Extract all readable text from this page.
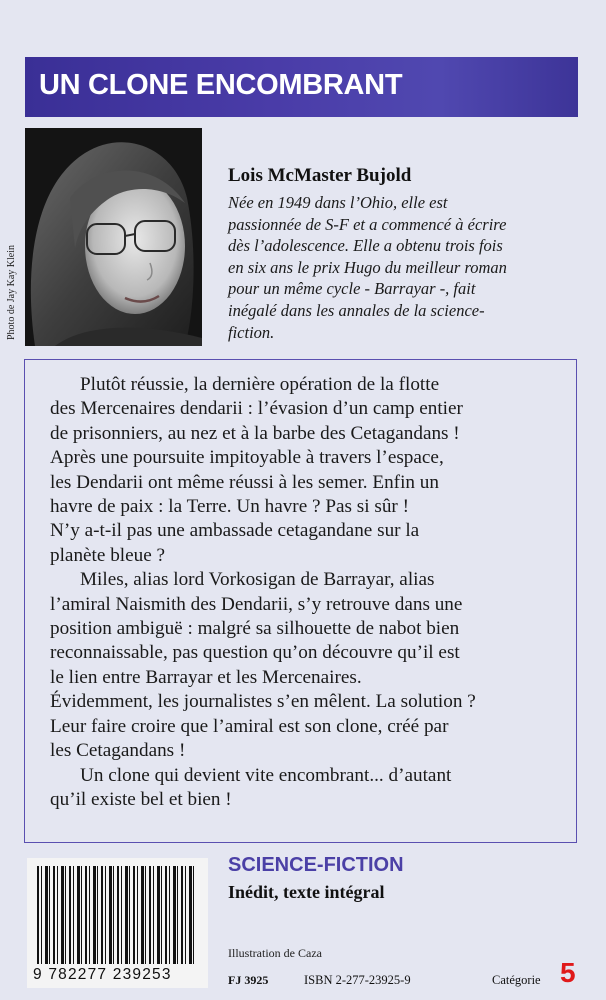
UN CLONE ENCOMBRANT
Photo de Jay Kay Klein
Lois McMaster Bujold
Née en 1949 dans l’Ohio, elle est
passionnée de S-F et a commencé à écrire
dès l’adolescence. Elle a obtenu trois fois
en six ans le prix Hugo du meilleur roman
pour un même cycle - Barrayar -, fait
inégalé dans les annales de la science-
fiction.
Plutôt réussie, la dernière opération de la flotte
des Mercenaires dendarii : l’évasion d’un camp entier
de prisonniers, au nez et à la barbe des Cetagandans !
Après une poursuite impitoyable à travers l’espace,
les Dendarii ont même réussi à les semer. Enfin un
havre de paix : la Terre. Un havre ? Pas si sûr !
N’y a-t-il pas une ambassade cetagandane sur la
planète bleue ?
Miles, alias lord Vorkosigan de Barrayar, alias
l’amiral Naismith des Dendarii, s’y retrouve dans une
position ambiguë : malgré sa silhouette de nabot bien
reconnaissable, pas question qu’on découvre qu’il est
le lien entre Barrayar et les Mercenaires.
Évidemment, les journalistes s’en mêlent. La solution ?
Leur faire croire que l’amiral est son clone, créé par
les Cetagandans !
Un clone qui devient vite encombrant... d’autant
qu’il existe bel et bien !
9 782277 239253
SCIENCE-FICTION
Inédit, texte intégral
Illustration de Caza
FJ 3925	ISBN 2-277-23925-9	Catégorie 5
